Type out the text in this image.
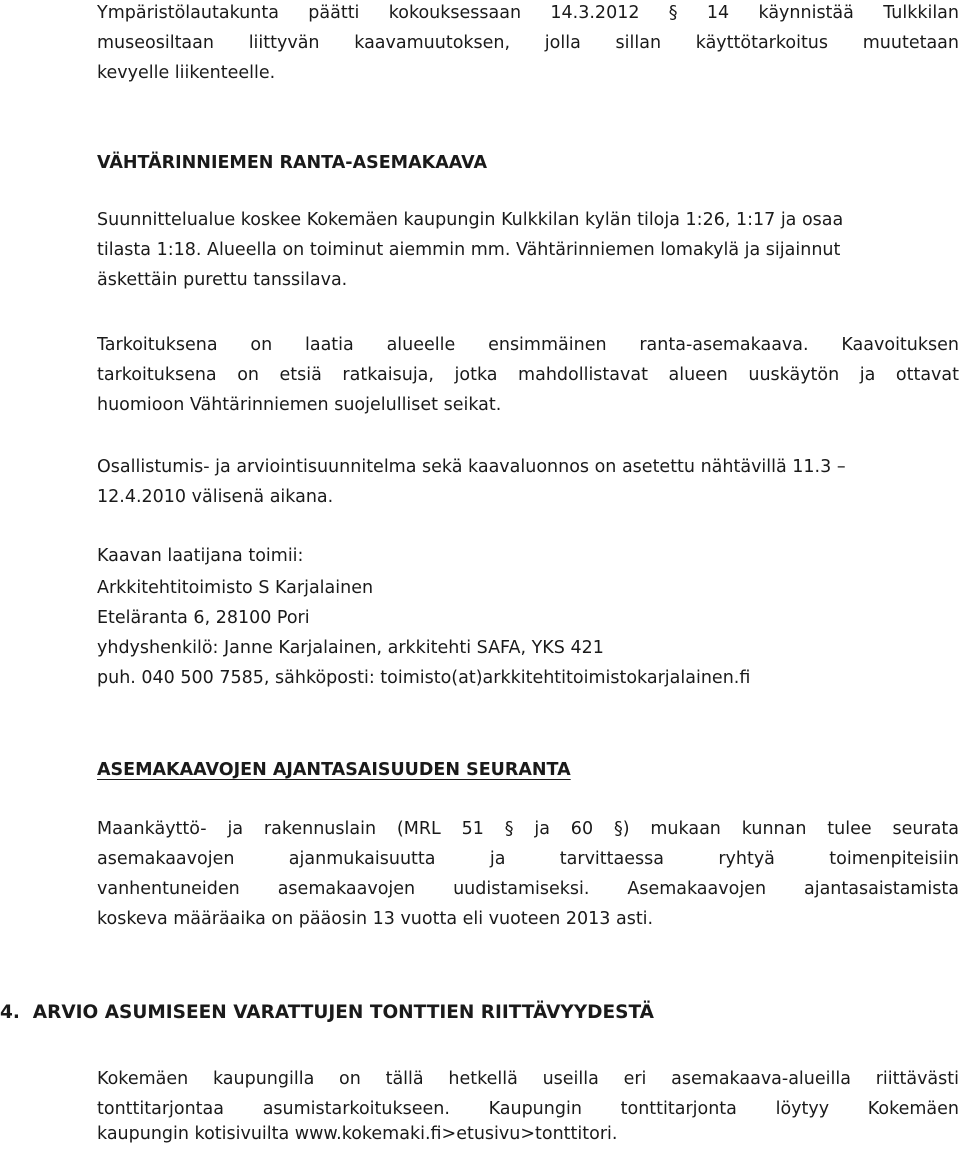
Ympäristölautakunta päätti kokouksessaan 14.3.2012 § 14 käynnistää Tulkkilan
museosiltaan liittyvän kaavamuutoksen, jolla sillan käyttötarkoitus muutetaan
kevyelle liikenteelle.
VÄHTÄRINNIEMEN RANTA-ASEMAKAAVA
Suunnittelualue koskee Kokemäen kaupungin Kulkkilan kylän tiloja 1:26, 1:17 ja osaa
tilasta 1:18. Alueella on toiminut aiemmin mm. Vähtärinniemen lomakylä ja sijainnut
äskettäin purettu tanssilava.
Tarkoituksena on laatia alueelle ensimmäinen ranta-asemakaava. Kaavoituksen
tarkoituksena on etsiä ratkaisuja, jotka mahdollistavat alueen uuskäytön ja ottavat
huomioon Vähtärinniemen suojelulliset seikat.
Osallistumis- ja arviointisuunnitelma sekä kaavaluonnos on asetettu nähtävillä 11.3 –
12.4.2010 välisenä aikana.
Kaavan laatijana toimii:
Arkkitehtitoimisto S Karjalainen
Eteläranta 6, 28100 Pori
yhdyshenkilö: Janne Karjalainen, arkkitehti SAFA, YKS 421
puh. 040 500 7585, sähköposti: toimisto(at)arkkitehtitoimistokarjalainen.fi
ASEMAKAAVOJEN AJANTASAISUUDEN SEURANTA
Maankäyttö- ja rakennuslain (MRL 51 § ja 60 §) mukaan kunnan tulee seurata
asemakaavojen ajanmukaisuutta ja tarvittaessa ryhtyä toimenpiteisiin
vanhentuneiden asemakaavojen uudistamiseksi. Asemakaavojen ajantasaistamista
koskeva määräaika on pääosin 13 vuotta eli vuoteen 2013 asti.
4.  ARVIO ASUMISEEN VARATTUJEN TONTTIEN RIITTÄVYYDESTÄ
Kokemäen kaupungilla on tällä hetkellä useilla eri asemakaava-alueilla riittävästi
tonttitarjontaa asumistarkoitukseen. Kaupungin tonttitarjonta löytyy Kokemäen
kaupungin kotisivuilta www.kokemaki.fi>etusivu>tonttitori.
